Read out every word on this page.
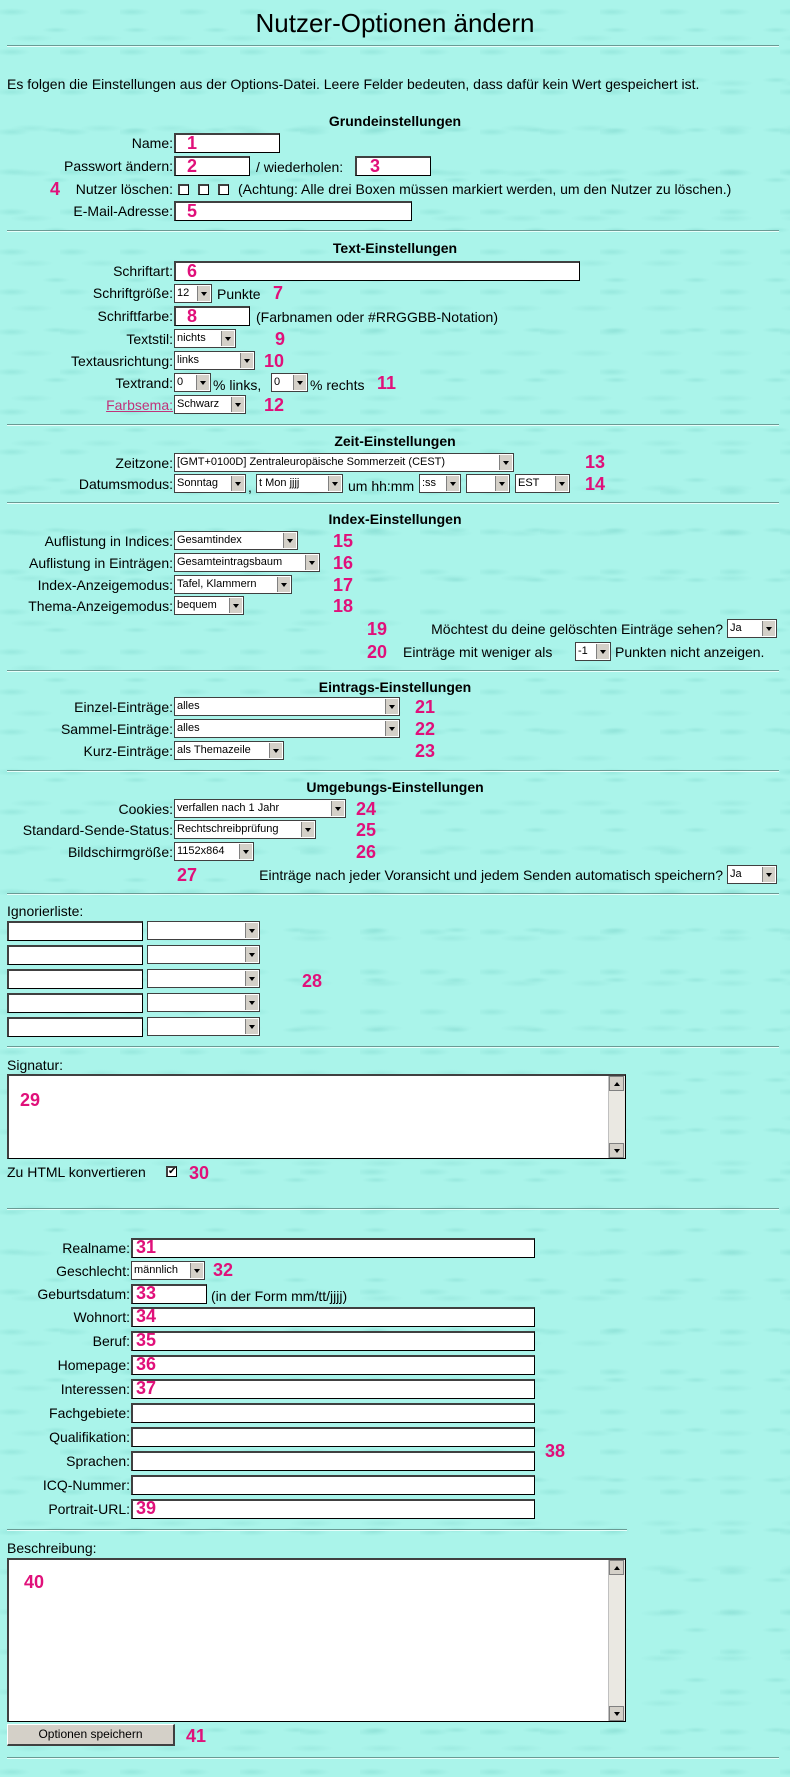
Nutzer-Optionen ändern
Es folgen die Einstellungen aus der Options-Datei. Leere Felder bedeuten, dass dafür kein Wert gespeichert ist.
Grundeinstellungen
Name:
Passwort ändern:	/ wiederholen:
Nutzer löschen:	(Achtung: Alle drei Boxen müssen markiert werden, um den Nutzer zu löschen.)
E-Mail-Adresse:
Text-Einstellungen
Schriftart:
Schriftgröße: 12	Punkte
Schriftfarbe:	(Farbnamen oder #RRGGBB-Notation)
Textstil: nichts
Textausrichtung: links
Textrand: 0	% links, 0	% rechts
Farbsema: Schwarz
Zeit-Einstellungen
Zeitzone: [GMT+0100D] Zentraleuropäische Sommerzeit (CEST)
Datumsmodus: Sonntag	, t Mon jjjj	um hh:mm :ss	EST
Index-Einstellungen
Auflistung in Indices: Gesamtindex
Auflistung in Einträgen: Gesamteintragsbaum
Index-Anzeigemodus: Tafel, Klammern
Thema-Anzeigemodus: bequem
Möchtest du deine gelöschten Einträge sehen? Ja
Einträge mit weniger als -1	Punkten nicht anzeigen.
Eintrags-Einstellungen
Einzel-Einträge: alles
Sammel-Einträge: alles
Kurz-Einträge: als Themazeile
Umgebungs-Einstellungen
Cookies: verfallen nach 1 Jahr
Standard-Sende-Status: Rechtschreibprüfung
Bildschirmgröße: 1152x864
Einträge nach jeder Voransicht und jedem Senden automatisch speichern? Ja
Ignorierliste:
Signatur:
Zu HTML konvertieren ✔
Realname:
Geschlecht: männlich
Geburtsdatum:	(in der Form mm/tt/jjjj)
Wohnort:
Beruf:
Homepage:
Interessen:
Fachgebiete:
Qualifikation:
Sprachen:
ICQ-Nummer:
Portrait-URL:
Beschreibung:
Optionen speichern
1
2	3
4
5
6
7
8
9
10
11
12
13
14
15
16
17
18
19
20
21
22
23
24
25
26
27
28
29
30
31
32
33
34
35
36
37
38
39
40
41
